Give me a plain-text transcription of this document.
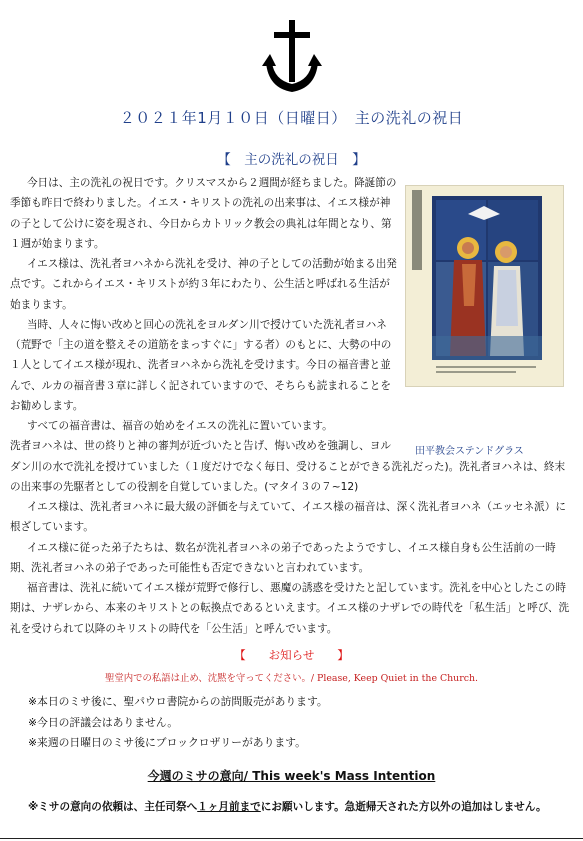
２０２１年1月１０日（日曜日）　主の洗礼の祝日
【　主の洗礼の祝日　】
田平教会ステンドグラス

今日は、主の洗礼の祝日です。クリスマスから２週間が経ちました。降誕節の季節も昨日で終わりました。イエス・キリストの洗礼の出来事は、イエス様が神の子として公けに姿を現され、今日からカトリック教会の典礼は年間となり、第１週が始まります。

イエス様は、洗礼者ヨハネから洗礼を受け、神の子としての活動が始まる出発点です。これからイエス・キリストが約３年にわたり、公生活と呼ばれる生活が始まります。

当時、人々に悔い改めと回心の洗礼をヨルダン川で授けていた洗礼者ヨハネ（荒野で「主の道を整えその道筋をまっすぐに」する者）のもとに、大勢の中の１人としてイエス様が現れ、洗者ヨハネから洗礼を受けます。今日の福音書と並んで、ルカの福音書３章に詳しく記されていますので、そちらも読まれることをお勧めします。

すべての福音書は、福音の始めをイエスの洗礼に置いています。

洗者ヨハネは、世の終りと神の審判が近づいたと告げ、悔い改めを強調し、ヨルダン川の水で洗礼を授けていました（１度だけでなく毎日、受けることができる洗礼だった)。洗礼者ヨハネは、終末の出来事の先駆者としての役割を自覚していました。(マタイ３の７~12)

イエス様は、洗礼者ヨハネに最大級の評価を与えていて、イエス様の福音は、深く洗礼者ヨハネ（エッセネ派）に根ざしています。

イエス様に従った弟子たちは、数名が洗礼者ヨハネの弟子であったようですし、イエス様自身も公生活前の一時期、洗礼者ヨハネの弟子であった可能性も否定できないと言われています。

福音書は、洗礼に続いてイエス様が荒野で修行し、悪魔の誘惑を受けたと記しています。洗礼を中心としたこの時期は、ナザレから、本来のキリストとの転換点であるといえます。イエス様のナザレでの時代を「私生活」と呼び、洗礼を受けられて以降のキリストの時代を「公生活」と呼んでいます。

【　　お知らせ　　】
聖堂内での私語は止め、沈黙を守ってください。/ Please, Keep Quiet in the Church.
※本日のミサ後に、聖パウロ書院からの訪問販売があります。
※今日の評議会はありません。
※来週の日曜日のミサ後にブロックロザリーがあります。
今週のミサの意向/ This week's Mass Intention
※ミサの意向の依頼は、主任司祭へ１ヶ月前までにお願いします。急逝帰天された方以外の追加はしません。
